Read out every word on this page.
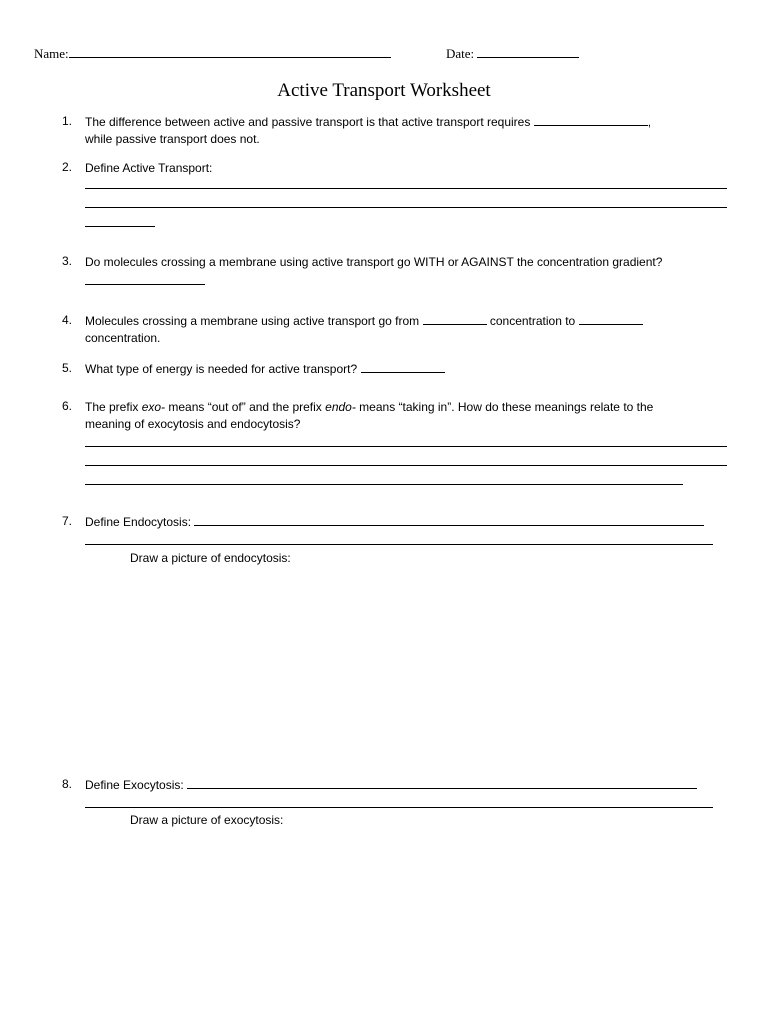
Name:	Date:
Active Transport Worksheet
1. The difference between active and passive transport is that active transport requires	,
while passive transport does not.
2. Define Active Transport:
3. Do molecules crossing a membrane using active transport go WITH or AGAINST the concentration gradient?
4. Molecules crossing a membrane using active transport go from	concentration to
concentration.
5. What type of energy is needed for active transport?
6. The prefix exo- means “out of” and the prefix endo- means “taking in”. How do these meanings relate to the
meaning of exocytosis and endocytosis?
7. Define Endocytosis:
Draw a picture of endocytosis:
8. Define Exocytosis:
Draw a picture of exocytosis:
